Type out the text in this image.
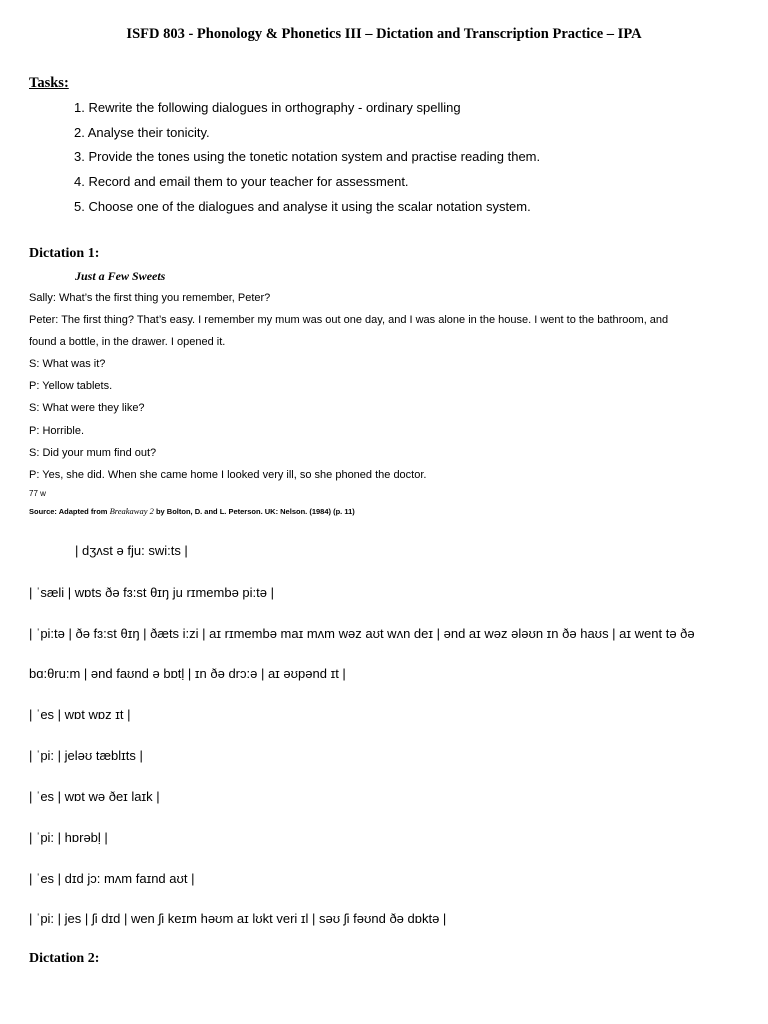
ISFD 803 - Phonology & Phonetics III – Dictation and Transcription Practice – IPA
Tasks:
1. Rewrite the following dialogues in orthography - ordinary spelling
2. Analyse their tonicity.
3. Provide the tones using the tonetic notation system and practise reading them.
4. Record and email them to your teacher for assessment.
5. Choose one of the dialogues and analyse it using the scalar notation system.
Dictation 1:
Just a Few Sweets
Sally: What’s the first thing you remember, Peter?
Peter: The first thing? That’s easy. I remember my mum was out one day, and I was alone in the house. I went to the bathroom, and
found a bottle, in the drawer. I opened it.
S: What was it?
P: Yellow tablets.
S: What were they like?
P: Horrible.
S: Did your mum find out?
P: Yes, she did. When she came home I looked very ill, so she phoned the doctor.
77 w
Source: Adapted from Breakaway 2 by Bolton, D. and L. Peterson. UK: Nelson. (1984) (p. 11)
| dʒʌst ə fju: swi:ts |
| ˈsæli | wɒts ðə fɜ:st θɪŋ ju rɪmembə pi:tə |
| ˈpi:tə | ðə fɜ:st θɪŋ | ðæts i:zi | aɪ rɪmembə maɪ mʌm wəz aʊt wʌn deɪ | ənd aɪ wəz ələʊn ɪn ðə haʊs | aɪ went tə ðə
bɑ:θru:m | ənd faʊnd ə bɒtḷ | ɪn ðə drɔ:ə | aɪ əʊpənd ɪt |
| ˈes | wɒt wɒz ɪt |
| ˈpi: | jeləʊ tæblɪts |
| ˈes | wɒt wə ðeɪ laɪk |
| ˈpi: | hɒrəbḷ |
| ˈes | dɪd jɔ: mʌm faɪnd aʊt |
| ˈpi: | jes | ʃi dɪd | wen ʃi keɪm həʊm aɪ lʊkt veri ɪl | səʊ ʃi fəʊnd ðə dɒktə |
Dictation 2:
